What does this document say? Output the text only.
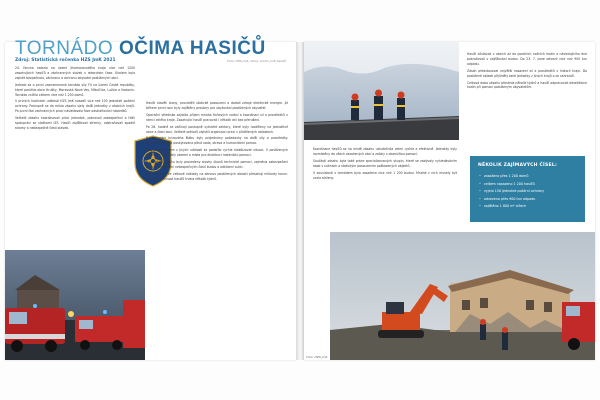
TORNÁDO OČIMA HASIČŮ
Zdroj: Statistická ročenka HZS JmK 2021

24. června nalezlo na území Jihomoravského kraje více než 1200 zasahujících hasičů a záchranných složek v rekordním čase. Úkolem bylo zajistit bezpečnost, záchranu a ochranu obyvatel postižených obcí.

Jednalo se o první zaznamenané tornádo síly F4 na území České republiky, které postihlo obce Hrušky, Moravská Nová Ves, Mikulčice, Lužice a Hodonín. Tornádo zničilo celkem více než 1 200 domů.

V prvních hodinách události HZS JmK nasadil více než 100 jednotek požární ochrany. Postupně se do místa zásahu sjely další jednotky z okolních krajů. Po první fázi záchranných prací následovala fáze odstraňování následků.

Velitelé zásahu koordinovali práci jednotek, plánovali zabezpečení a řídili spolupráci se složkami IZS. Hasiči zajišťovali střechy, odstraňovali spadlé stromy a nebezpečné části staveb.

Hasiči stavěli stany, prováděli statické posouzení a dodali zdroje elektrické energie. Již během první noci byly zajištěny prostory pro ubytování postižených obyvatel.

Operační středisko zajistilo příjem mnoha tísňových volání a koordinaci sil a prostředků v rámci celého kraje. Zasahující hasiči pracovali i několik dní bez přerušení.

Po 26. hodině se začínají postupně vytvářet sektory, které byly rozděleny na jednotlivé obce a části obcí. Velitelé sektorů zajistili organizaci prací v přidělených oblastech.

Na zasedání krizového štábu byly projednány požadavky na další síly a prostředky. Obyvatelům byla poskytována pitná voda, strava a humanitární pomoc.

Díky zkušenostem z jiných událostí se podařilo rychle stabilizovat situaci. V postižených obcích se vytvářely zázemí a místa pro distribuci materiální pomoci.

V průběhu zásahu byly provedeny stovky úkonů technické pomoci, zejména zabezpečení střech, odstranění nebezpečných částí budov a odklízení sutin.

Odhaduje se, že celkové náklady na obnovu postižených oblastí přesahují miliardy korun. Zásahová činnost hasičů trvala několik týdnů.

Foto: HZS JmK, zdroj: archiv JmK hasičů

Hasiči zůstávali v obcích až do pozdních nočních hodin a následujícího dne pokračovali v zajišťování budov. Do 23. 7. jsme odvezli více než 900 tun odpadu.

Zásah představoval největší nasazení sil a prostředků v historii kraje. Do postižené oblasti přijížděly také jednotky z jiných krajů a ze zahraničí.

Celková doba zásahu přesáhla několik týdnů a hasiči odpracovali desetitisíce hodin při pomoci postiženým obyvatelům.

Koordinace hasičů se na místě zásahu uskutečnila velmi rychle a efektivně. Jednotky byly rozmístěny do všech zasažených obcí a začaly s okamžitou pomocí.

Součástí zásahu byla také práce specializovaných skupin, které se zabývaly vyhledáváním osob v sutinách a statickým posouzením poškozených objektů.

V souvislosti s tornádem bylo zasaženo více než 1 200 budov. Mnohé z nich musely být zcela strženy.

NĚKOLIK ZAJÍMAVÝCH ČÍSEL:
• zasaženo přes 1 200 domů
• celkem nasazeno 1 200 hasičů
• vyjelo 150 jednotek požární ochrany
• odvezeno přes 900 tun odpadu
• zajištěno 1 800 m² střech
Foto: HZS JmK
